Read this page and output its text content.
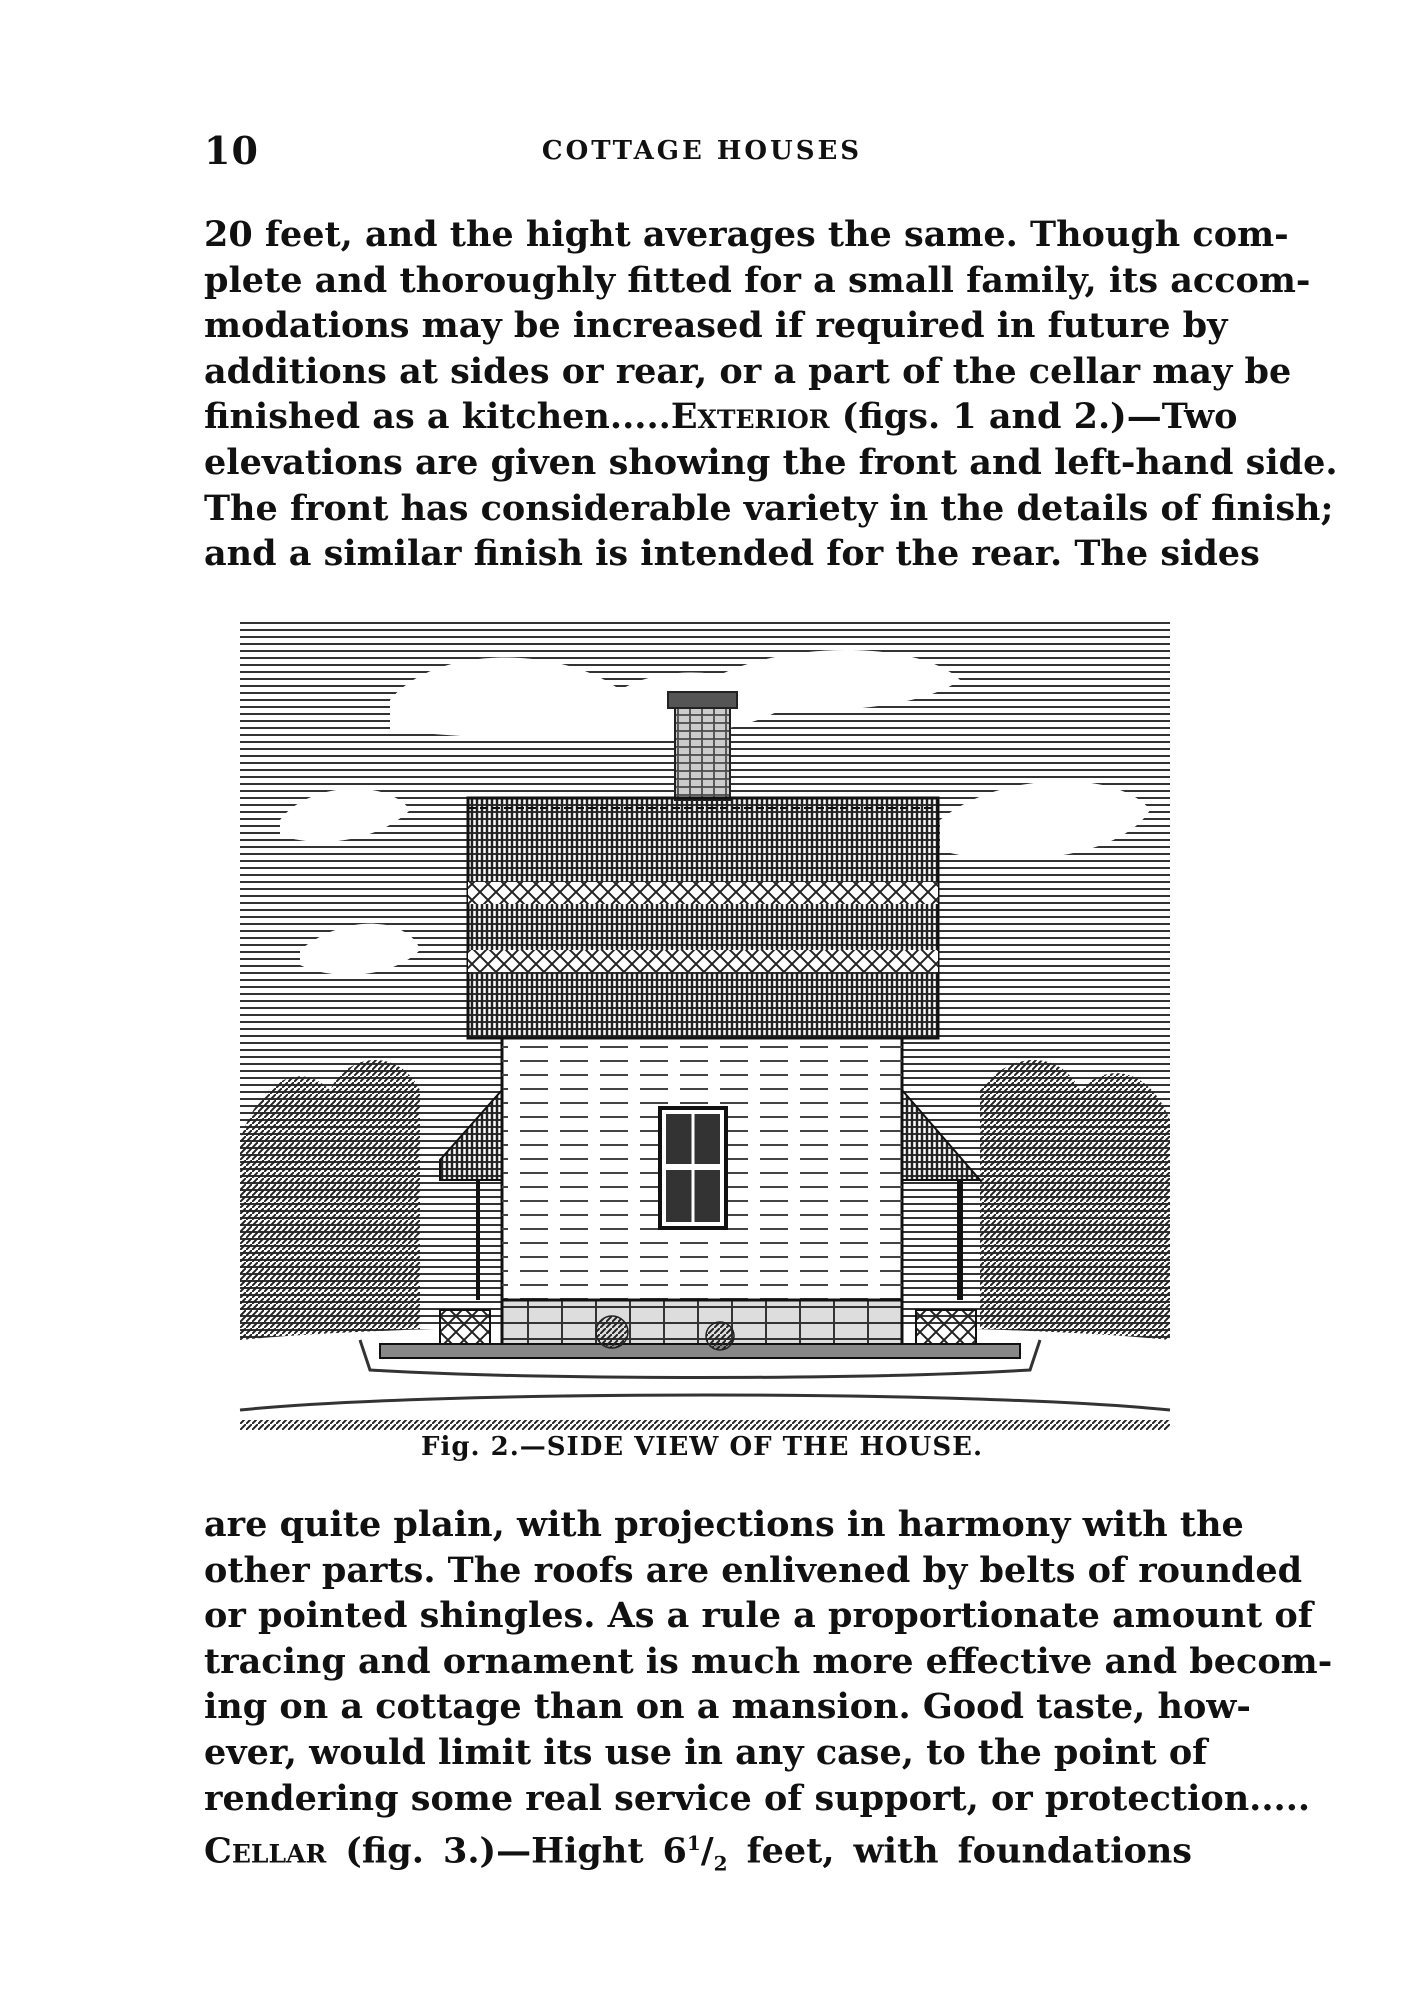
10	COTTAGE HOUSES
20 feet, and the hight averages the same. Though com-
plete and thoroughly fitted for a small family, its accom-
modations may be increased if required in future by
additions at sides or rear, or a part of the cellar may be
finished as a kitchen.....Exterior (figs. 1 and 2.)—Two
elevations are given showing the front and left-hand side.
The front has considerable variety in the details of finish;
and a similar finish is intended for the rear. The sides
Fig. 2.—SIDE VIEW OF THE HOUSE.
are quite plain, with projections in harmony with the
other parts. The roofs are enlivened by belts of rounded
or pointed shingles. As a rule a proportionate amount of
tracing and ornament is much more effective and becom-
ing on a cottage than on a mansion. Good taste, how-
ever, would limit its use in any case, to the point of
rendering some real service of support, or protection.....
Cellar (fig. 3.)—Hight $6^1/_2$ feet, with foundations
